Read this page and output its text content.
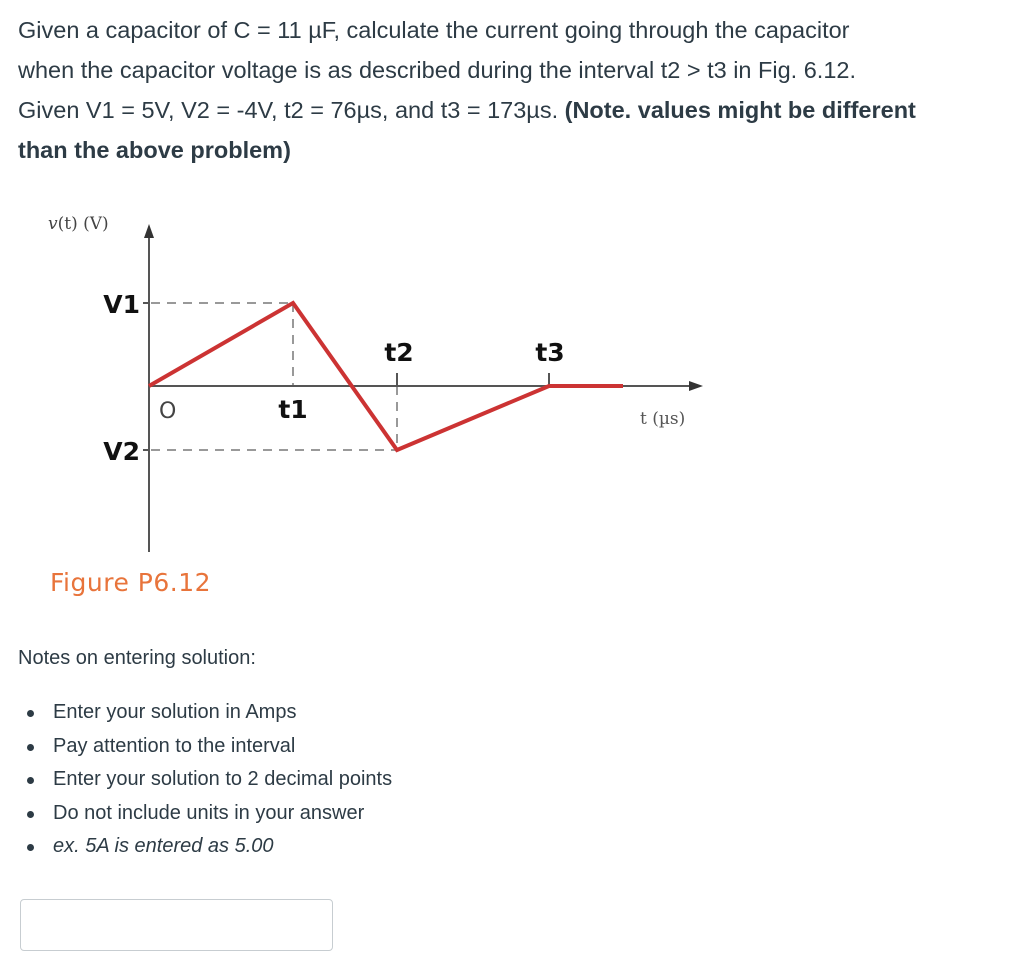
Given a capacitor of C = 11 µF, calculate the current going through the capacitor
when the capacitor voltage is as described during the interval t2 > t3 in Fig. 6.12.
Given V1 = 5V, V2 = -4V, t2 = 76µs, and t3 = 173µs. (Note. values might be different
than the above problem)
v(t) (V)
V1
V2
O	t1
t2	t3
t (µs)
Figure P6.12
Notes on entering solution:
Enter your solution in Amps
Pay attention to the interval
Enter your solution to 2 decimal points
Do not include units in your answer
ex. 5A is entered as 5.00
